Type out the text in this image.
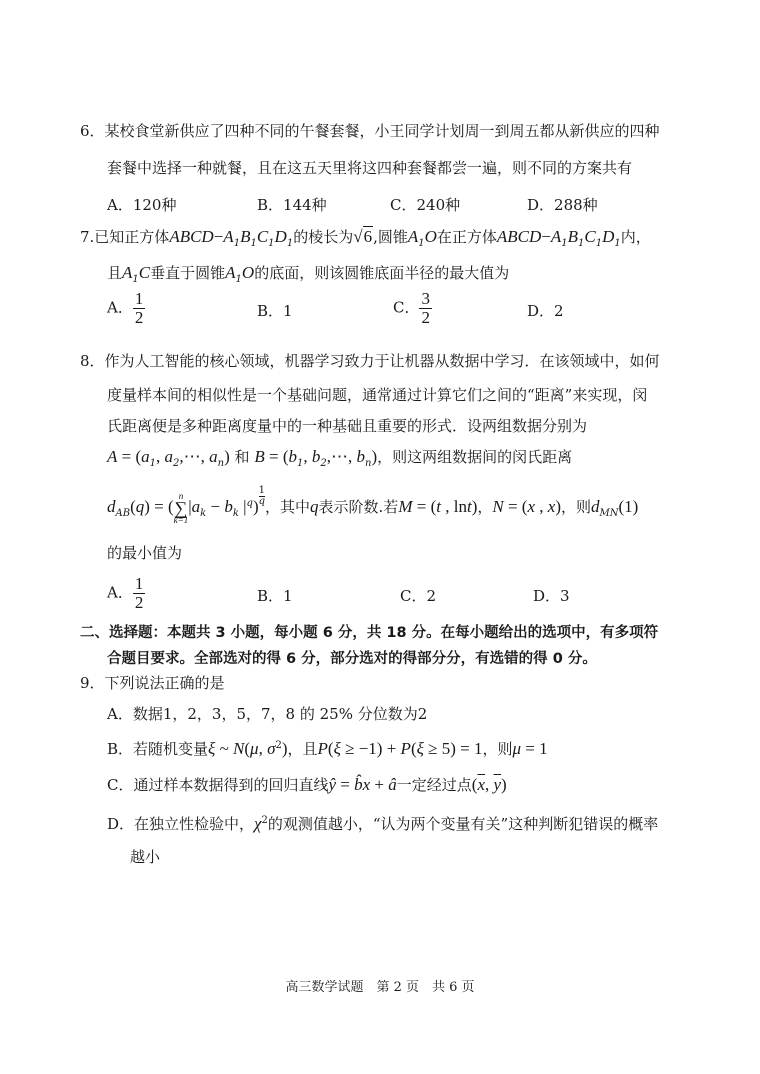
6．某校食堂新供应了四种不同的午餐套餐，小王同学计划周一到周五都从新供应的四种
套餐中选择一种就餐，且在这五天里将这四种套餐都尝一遍，则不同的方案共有
A．120种	B．144种	C．240种	D．288种
7.已知正方体$ABCD-A_1B_1C_1D_1$的棱长为√6,圆锥$A_1O$在正方体$ABCD-A_1B_1C_1D_1$内，
且$A_1C$垂直于圆锥$A_1O$的底面，则该圆锥底面半径的最大值为
A． $\frac{1}{2}$	B．1	C． $\frac{3}{2}$	D．2
8．作为人工智能的核心领域，机器学习致力于让机器从数据中学习．在该领域中，如何
度量样本间的相似性是一个基础问题，通常通过计算它们之间的“距离”来实现，闵
氏距离便是多种距离度量中的一种基础且重要的形式．设两组数据分别为
$A = (a_1$, $a_2,\cdots$, $a_n$) 和 $B = (b_1$, $b_2,\cdots$, $b_n$)，则这两组数据间的闵氏距离
$d_{AB}(q)$ = (
n
∑
k=1
$|a_k - b_k$ $|^q$) $^{\frac{1}{q}}$ ，其中q表示阶数.若M = (t , lnt)，N = (x , x)，则$d_{MN}(1)$
的最小值为
A． $\frac{1}{2}$	B．1	C．2	D．3
二、选择题：本题共 3 小题，每小题 6 分，共 18 分。在每小题给出的选项中，有多项符
合题目要求。全部选对的得 6 分，部分选对的得部分分，有选错的得 0 分。
9．下列说法正确的是
A．数据1，2，3，5，7，8 的 25% 分位数为2
B．若随机变量ξ ~ N(μ, $\sigma^2$)，且P(ξ ≥ −1) + P(ξ ≥ 5) = 1，则μ = 1
C．通过样本数据得到的回归直线ŷ = b̂x + â一定经过点($\overline{x}$, $\overline{y}$)
D．在独立性检验中，$\chi^2$的观测值越小，“认为两个变量有关”这种判断犯错误的概率
越小
高三数学试题　第 2 页　共 6 页
